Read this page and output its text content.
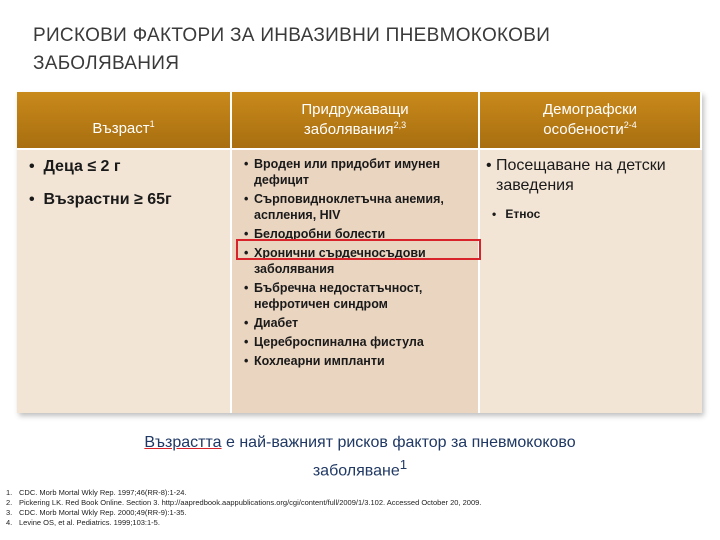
РИСКОВИ ФАКТОРИ ЗА ИНВАЗИВНИ ПНЕВМОКОКОВИ
ЗАБОЛЯВАНИЯ
Възраст$^1$
Придружаващи
заболявания$^{2,3}$
Демографски
особености$^{2-4}$
• Деца ≤ 2 г
• Възрастни ≥ 65г
• Вроден или придобит имунен дефицит
• Сърповидноклетъчна анемия, аспления, HIV
• Белодробни болести
• Хронични сърдечносъдови заболявания
• Бъбречна недостатъчност, нефротичен синдром
• Диабет
• Цереброспинална фистула
• Кохлеарни импланти
• Посещаване на детски заведения
• Етнос
Възрастта е най-важният рисков фактор за пневмококово
заболяване$^1$
1. CDC. Morb Mortal Wkly Rep. 1997;46(RR-8):1-24.
2. Pickering LK. Red Book Online. Section 3. http://aapredbook.aappublications.org/cgi/content/full/2009/1/3.102. Accessed October 20, 2009.
3. CDC. Morb Mortal Wkly Rep. 2000;49(RR-9):1-35.
4. Levine OS, et al. Pediatrics. 1999;103:1-5.
